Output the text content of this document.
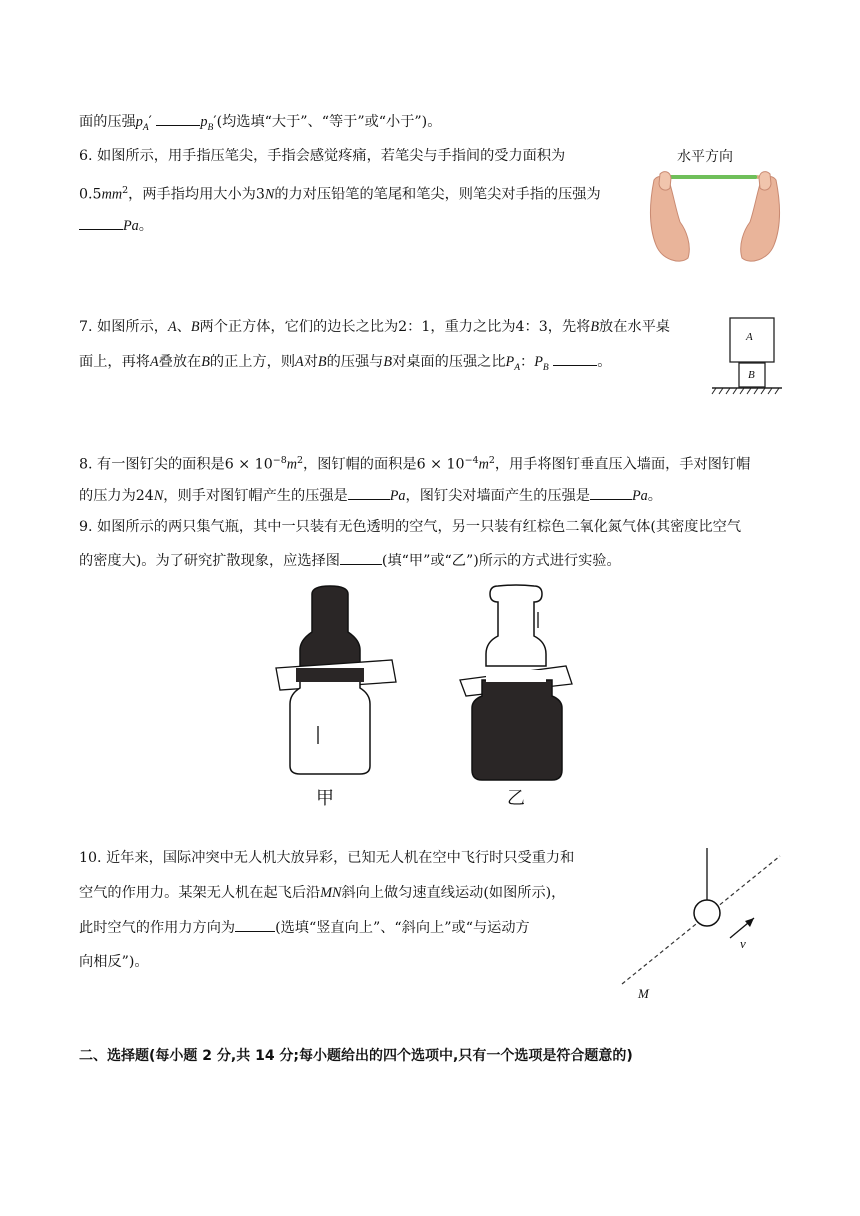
面的压强$p_A'$	$p_B'$(均选填“大于”、“等于”或“小于”)。
6. 如图所示，用手指压笔尖，手指会感觉疼痛，若笔尖与手指间的受力面积为
$0.5mm^2$，两手指均用大小为3N的力对压铅笔的笔尾和笔尖，则笔尖对手指的压强为
Pa。
水平方向
7. 如图所示，A、B两个正方体，它们的边长之比为2：1，重力之比为4：3，先将B放在水平桌
面上，再将A叠放在B的正上方，则A对B的压强与B对桌面的压强之比$P_A$：$P_B$	。
A
B
8. 有一图钉尖的面积是$6 \times 10^{-8}m^2$，图钉帽的面积是$6 \times 10^{-4}m^2$，用手将图钉垂直压入墙面，手对图钉帽
的压力为24N，则手对图钉帽产生的压强是	Pa，图钉尖对墙面产生的压强是	Pa。
9. 如图所示的两只集气瓶，其中一只装有无色透明的空气，另一只装有红棕色二氧化氮气体(其密度比空气
的密度大)。为了研究扩散现象，应选择图	(填“甲”或“乙”)所示的方式进行实验。
甲	乙
10. 近年来，国际冲突中无人机大放异彩，已知无人机在空中飞行时只受重力和
空气的作用力。某架无人机在起飞后沿MN斜向上做匀速直线运动(如图所示)，
此时空气的作用力方向为	(选填“竖直向上”、“斜向上”或“与运动方
向相反”)。
v
M
二、选择题(每小题 2 分,共 14 分;每小题给出的四个选项中,只有一个选项是符合题意的)
